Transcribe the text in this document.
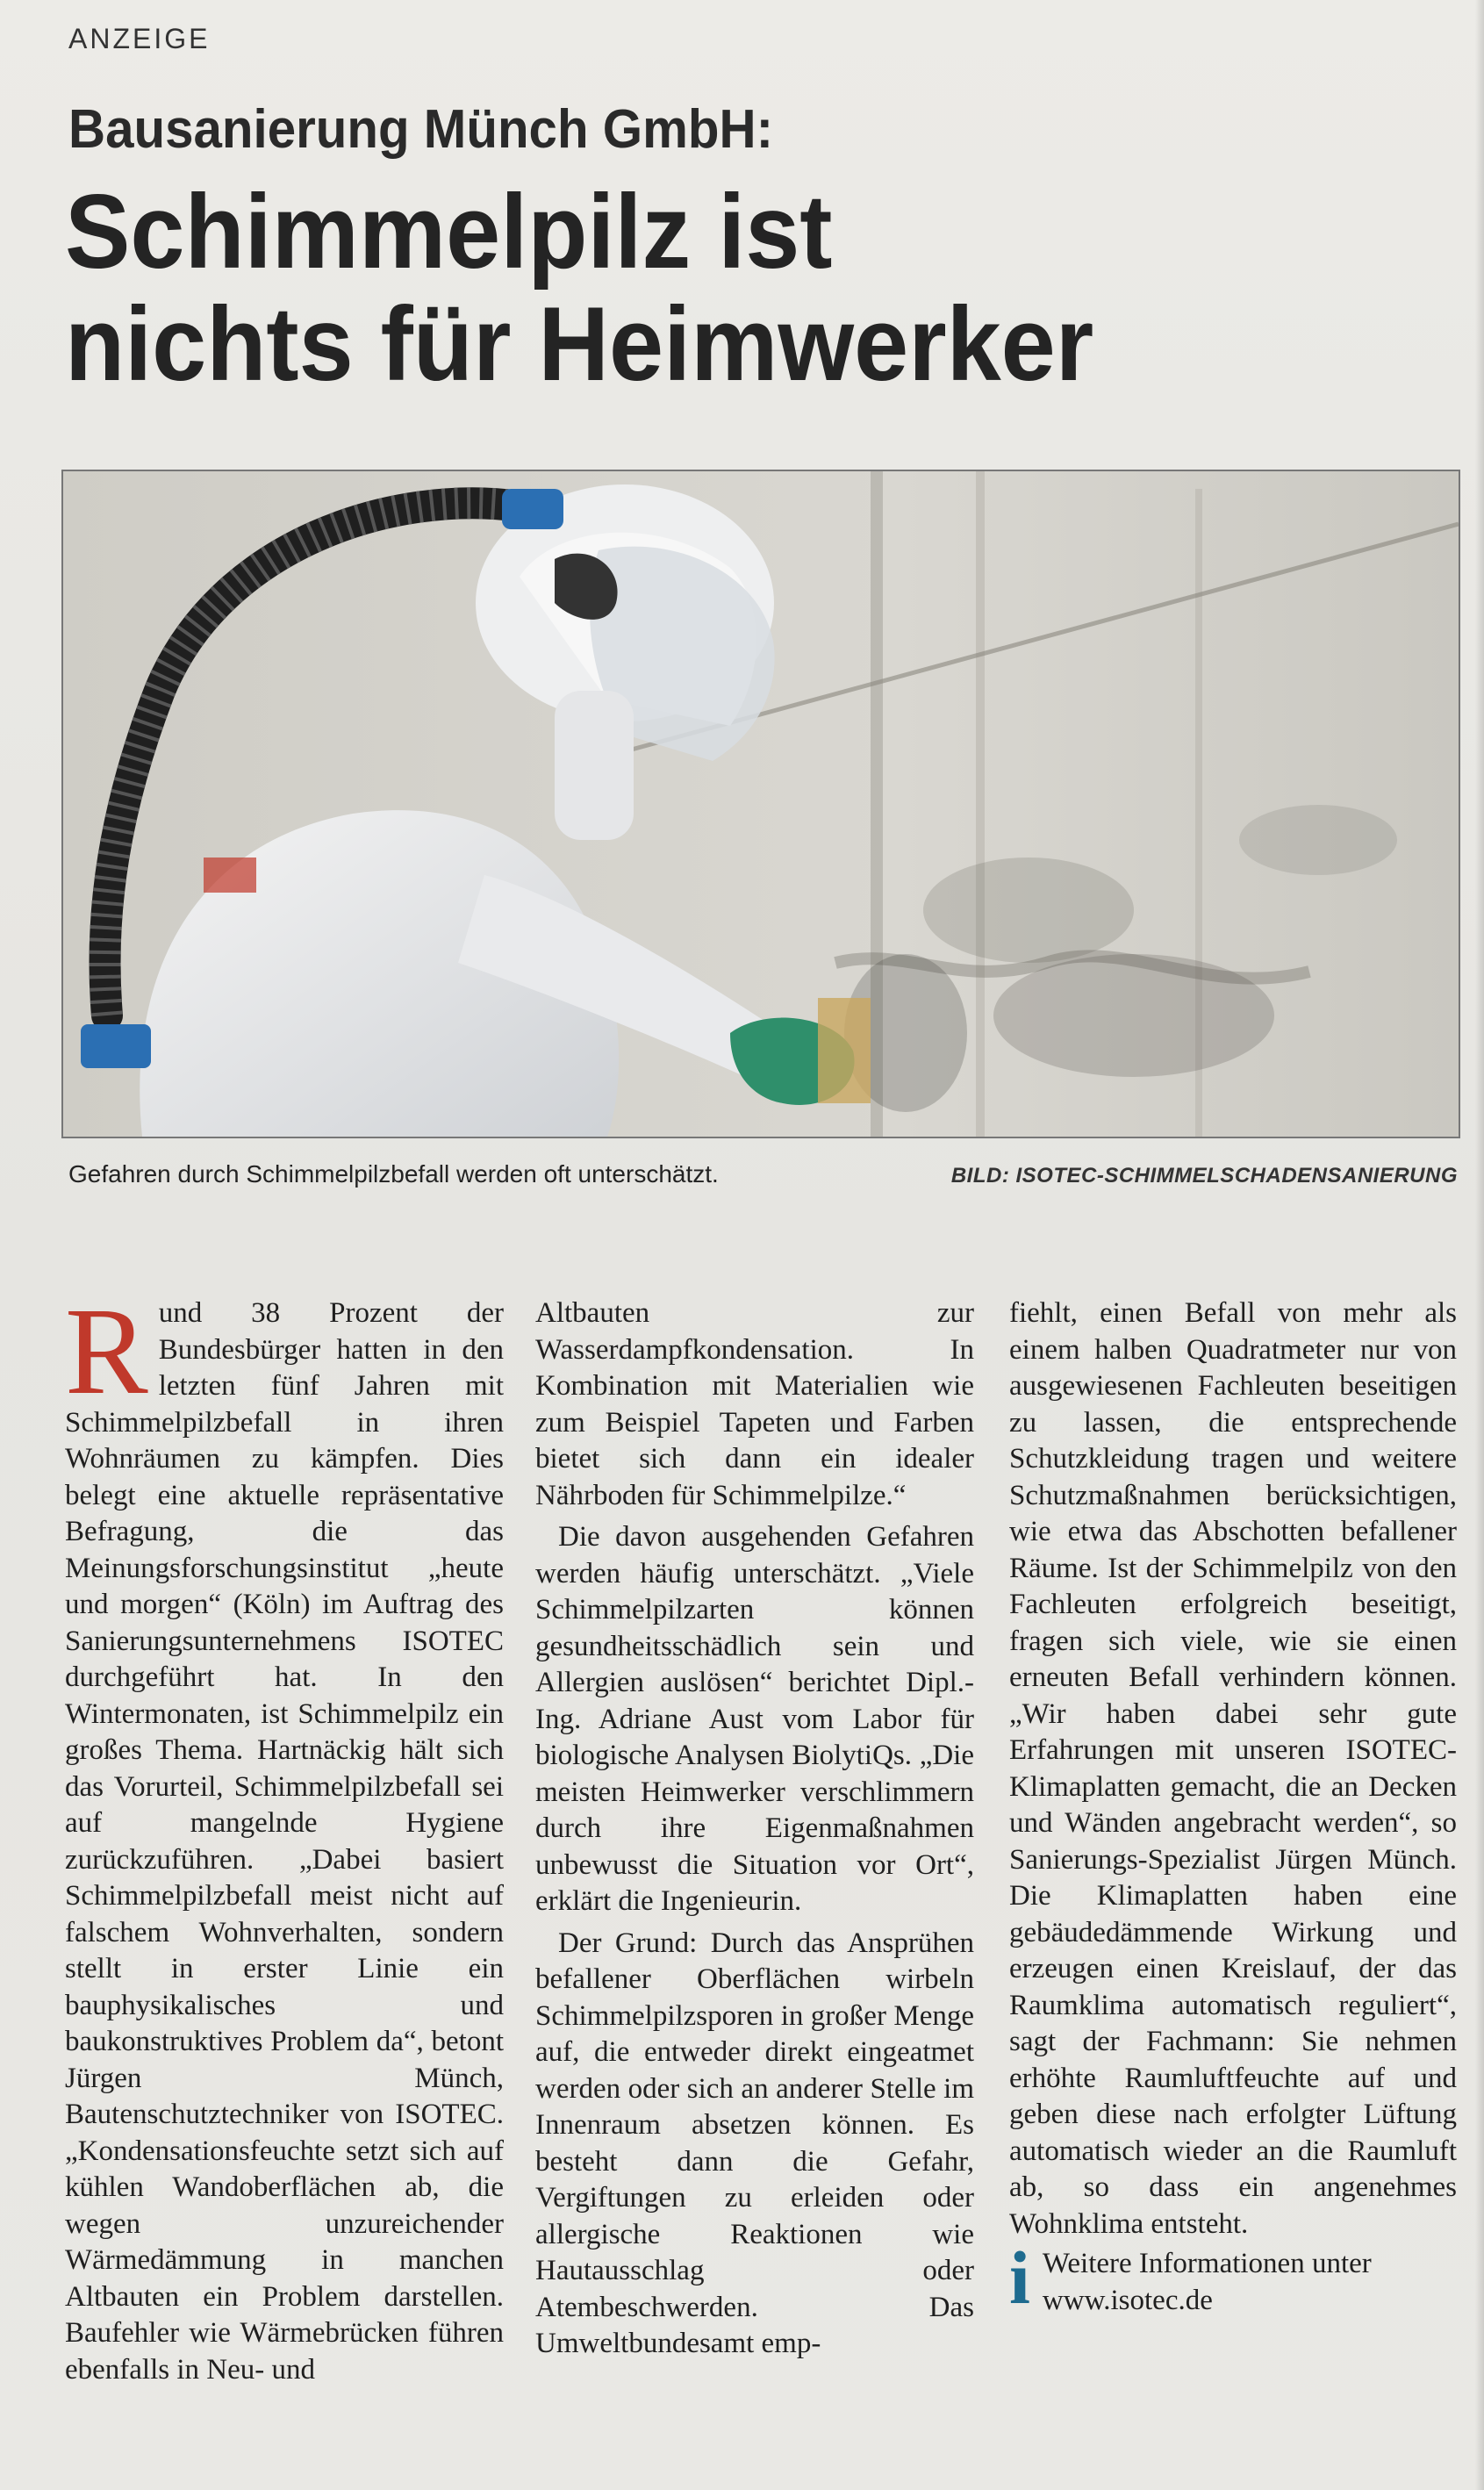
ANZEIGE
Bausanierung Münch GmbH:
Schimmelpilz ist
nichts für Heimwerker
Gefahren durch Schimmelpilzbefall werden oft unterschätzt.	BILD: ISOTEC-SCHIMMELSCHADENSANIERUNG

Rund 38 Prozent der Bundesbürger hatten in den letzten fünf Jahren mit Schimmelpilzbefall in ihren Wohnräumen zu kämpfen. Dies belegt eine aktuelle repräsentative Befragung, die das Meinungsforschungsinstitut „heute und morgen“ (Köln) im Auftrag des Sanierungsunternehmens ISOTEC durchgeführt hat. In den Wintermonaten, ist Schimmelpilz ein großes Thema. Hartnäckig hält sich das Vorurteil, Schimmelpilzbefall sei auf mangelnde Hygiene zurückzuführen. „Dabei basiert Schimmelpilzbefall meist nicht auf falschem Wohnverhalten, sondern stellt in erster Linie ein bauphysikalisches und baukonstruktives Problem da“, betont Jürgen Münch, Bautenschutztechniker von ISOTEC. „Kondensationsfeuchte setzt sich auf kühlen Wandoberflächen ab, die wegen unzureichender Wärmedämmung in manchen Altbauten ein Problem darstellen. Baufehler wie Wärmebrücken führen ebenfalls in Neu- und

Altbauten zur Wasserdampfkondensation. In Kombination mit Materialien wie zum Beispiel Tapeten und Farben bietet sich dann ein idealer Nährboden für Schimmelpilze.“

Die davon ausgehenden Gefahren werden häufig unterschätzt. „Viele Schimmelpilzarten können gesundheitsschädlich sein und Allergien auslösen“ berichtet Dipl.-Ing. Adriane Aust vom Labor für biologische Analysen BiolytiQs. „Die meisten Heimwerker verschlimmern durch ihre Eigenmaßnahmen unbewusst die Situation vor Ort“, erklärt die Ingenieurin.

Der Grund: Durch das Ansprühen befallener Oberflächen wirbeln Schimmelpilzsporen in großer Menge auf, die entweder direkt eingeatmet werden oder sich an anderer Stelle im Innenraum absetzen können. Es besteht dann die Gefahr, Vergiftungen zu erleiden oder allergische Reaktionen wie Hautausschlag oder Atembeschwerden. Das Umweltbundesamt emp-

fiehlt, einen Befall von mehr als einem halben Quadratmeter nur von ausgewiesenen Fachleuten beseitigen zu lassen, die entsprechende Schutzkleidung tragen und weitere Schutzmaßnahmen berücksichtigen, wie etwa das Abschotten befallener Räume. Ist der Schimmelpilz von den Fachleuten erfolgreich beseitigt, fragen sich viele, wie sie einen erneuten Befall verhindern können. „Wir haben dabei sehr gute Erfahrungen mit unseren ISOTEC-Klimaplatten gemacht, die an Decken und Wänden angebracht werden“, so Sanierungs-Spezialist Jürgen Münch. Die Klimaplatten haben eine gebäudedämmende Wirkung und erzeugen einen Kreislauf, der das Raumklima automatisch reguliert“, sagt der Fachmann: Sie nehmen erhöhte Raumluftfeuchte auf und geben diese nach erfolgter Lüftung automatisch wieder an die Raumluft ab, so dass ein angenehmes Wohnklima entsteht.

i Weitere Informationen unter www.isotec.de
